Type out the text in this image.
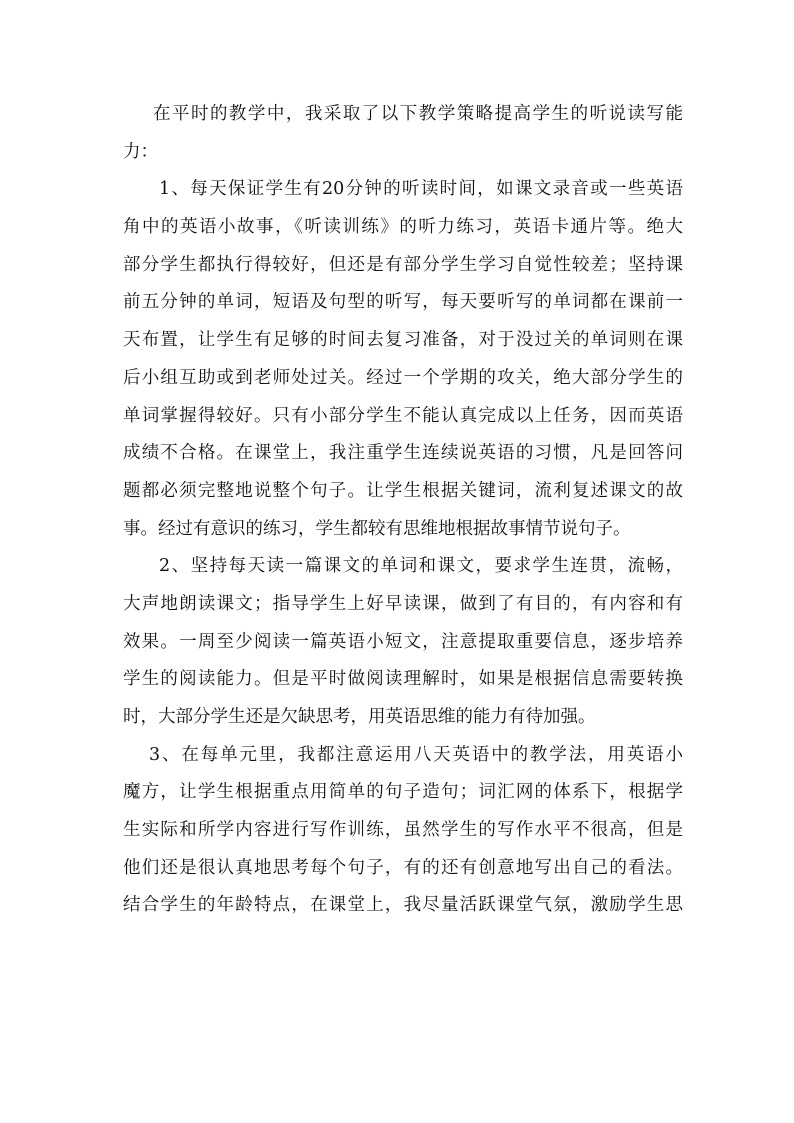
在平时的教学中，我采取了以下教学策略提高学生的听说读写能
力：
1、每天保证学生有20分钟的听读时间，如课文录音或一些英语
角中的英语小故事，《听读训练》的听力练习，英语卡通片等。绝大
部分学生都执行得较好，但还是有部分学生学习自觉性较差；坚持课
前五分钟的单词，短语及句型的听写，每天要听写的单词都在课前一
天布置，让学生有足够的时间去复习准备，对于没过关的单词则在课
后小组互助或到老师处过关。经过一个学期的攻关，绝大部分学生的
单词掌握得较好。只有小部分学生不能认真完成以上任务，因而英语
成绩不合格。在课堂上，我注重学生连续说英语的习惯，凡是回答问
题都必须完整地说整个句子。让学生根据关键词，流利复述课文的故
事。经过有意识的练习，学生都较有思维地根据故事情节说句子。
2、坚持每天读一篇课文的单词和课文，要求学生连贯，流畅，
大声地朗读课文；指导学生上好早读课，做到了有目的，有内容和有
效果。一周至少阅读一篇英语小短文，注意提取重要信息，逐步培养
学生的阅读能力。但是平时做阅读理解时，如果是根据信息需要转换
时，大部分学生还是欠缺思考，用英语思维的能力有待加强。
3、在每单元里，我都注意运用八天英语中的教学法，用英语小
魔方，让学生根据重点用简单的句子造句；词汇网的体系下，根据学
生实际和所学内容进行写作训练，虽然学生的写作水平不很高，但是
他们还是很认真地思考每个句子，有的还有创意地写出自己的看法。
结合学生的年龄特点，在课堂上，我尽量活跃课堂气氛，激励学生思
